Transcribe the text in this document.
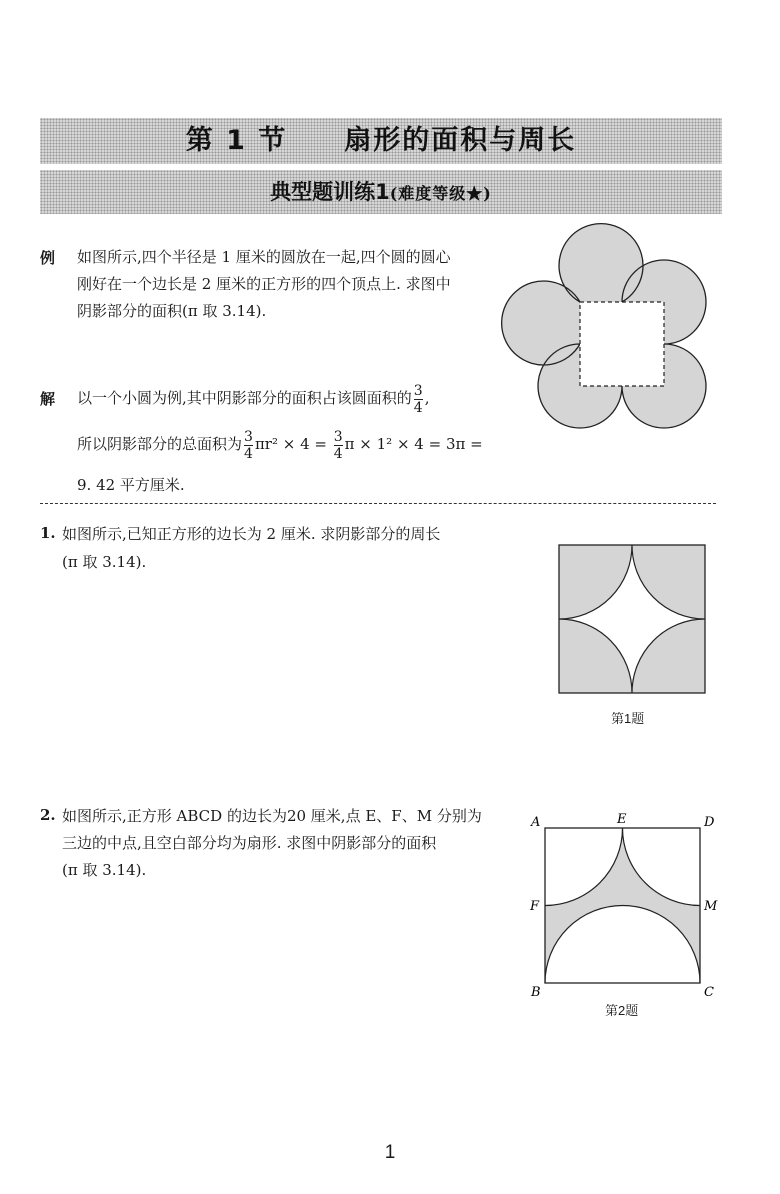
第 1 节 扇形的面积与周长
典型题训练1(难度等级★)
例 如图所示,四个半径是 1 厘米的圆放在一起,四个圆的圆心
刚好在一个边长是 2 厘米的正方形的四个顶点上. 求图中
阴影部分的面积(π 取 3.14).
解 以一个小圆为例,其中阴影部分的面积占该圆面积的 $\frac{3}{4}$ ,
所以阴影部分的总面积为 $\frac{3}{4} \pi r^2 \times 4 = \frac{3}{4}$ π × 1² × 4 = 3π =
9. 42 平方厘米.
1. 如图所示,已知正方形的边长为 2 厘米. 求阴影部分的周长
(π 取 3.14).
第1题
2. 如图所示,正方形 ABCD 的边长为20 厘米,点 E、F、M 分别为
三边的中点,且空白部分均为扇形. 求图中阴影部分的面积
(π 取 3.14).
A	E	D
F	M
B	C
第2题
1
